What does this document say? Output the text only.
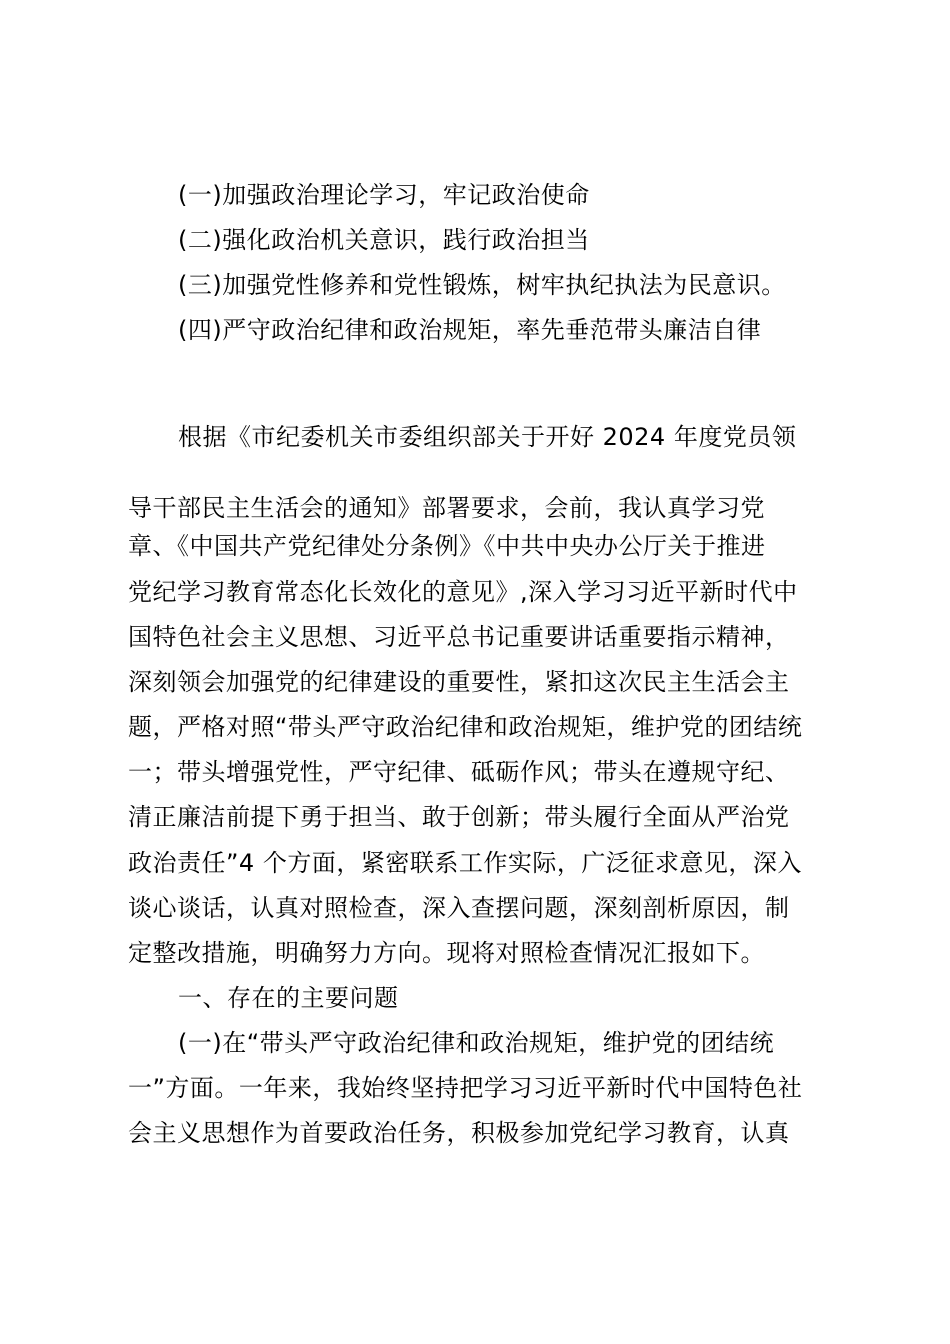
(一)加强政治理论学习，牢记政治使命
(二)强化政治机关意识，践行政治担当
(三)加强党性修养和党性锻炼，树牢执纪执法为民意识。
(四)严守政治纪律和政治规矩，率先垂范带头廉洁自律
根据《市纪委机关市委组织部关于开好 2024 年度党员领
导干部民主生活会的通知》部署要求，会前，我认真学习党
章、《中国共产党纪律处分条例》《中共中央办公厅关于推进
党纪学习教育常态化长效化的意见》,深入学习习近平新时代中
国特色社会主义思想、习近平总书记重要讲话重要指示精神，
深刻领会加强党的纪律建设的重要性，紧扣这次民主生活会主
题，严格对照“带头严守政治纪律和政治规矩，维护党的团结统
一；带头增强党性，严守纪律、砥砺作风；带头在遵规守纪、
清正廉洁前提下勇于担当、敢于创新；带头履行全面从严治党
政治责任”4 个方面，紧密联系工作实际，广泛征求意见，深入
谈心谈话，认真对照检查，深入查摆问题，深刻剖析原因，制
定整改措施，明确努力方向。现将对照检查情况汇报如下。
一、存在的主要问题
(一)在“带头严守政治纪律和政治规矩，维护党的团结统
一”方面。一年来，我始终坚持把学习习近平新时代中国特色社
会主义思想作为首要政治任务，积极参加党纪学习教育，认真
